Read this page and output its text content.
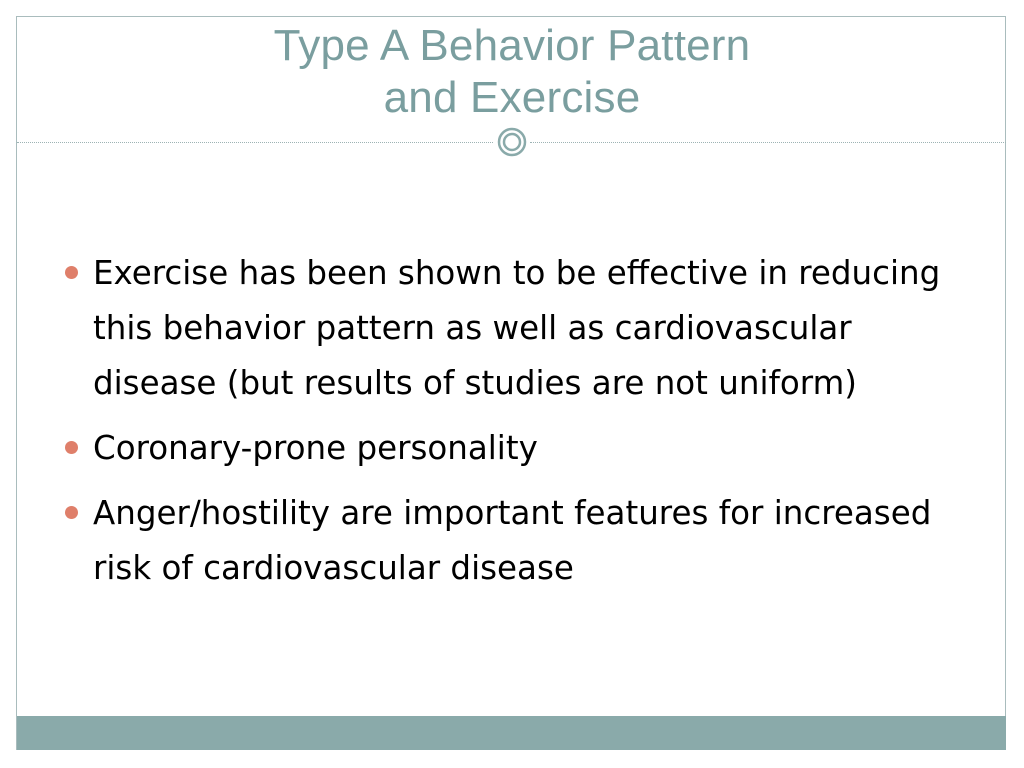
Type A Behavior Pattern
and Exercise
Exercise has been shown to be effective in reducing this behavior pattern as well as cardiovascular disease (but results of studies are not uniform)
Coronary-prone personality
Anger/hostility are important features for increased risk of cardiovascular disease
